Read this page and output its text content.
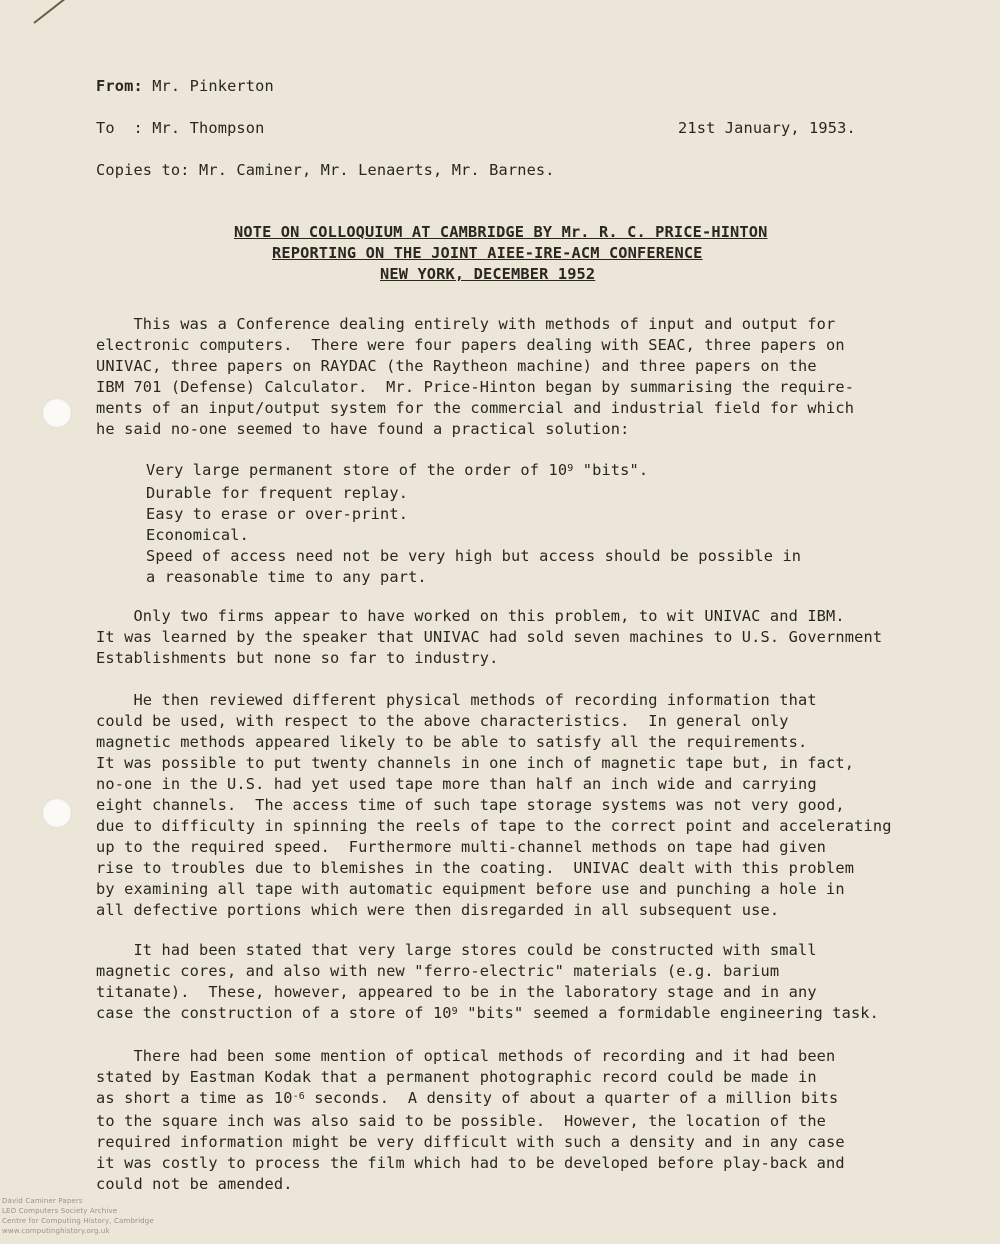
From: Mr. Pinkerton
To  : Mr. Thompson	21st January, 1953.
Copies to: Mr. Caminer, Mr. Lenaerts, Mr. Barnes.
NOTE ON COLLOQUIUM AT CAMBRIDGE BY Mr. R. C. PRICE-HINTON
REPORTING ON THE JOINT AIEE-IRE-ACM CONFERENCE
NEW YORK, DECEMBER 1952
This was a Conference dealing entirely with methods of input and output for
electronic computers.  There were four papers dealing with SEAC, three papers on
UNIVAC, three papers on RAYDAC (the Raytheon machine) and three papers on the
IBM 701 (Defense) Calculator.  Mr. Price-Hinton began by summarising the require-
ments of an input/output system for the commercial and industrial field for which
he said no-one seemed to have found a practical solution:
Very large permanent store of the order of $10^9$ "bits".
Durable for frequent replay.
Easy to erase or over-print.
Economical.
Speed of access need not be very high but access should be possible in
a reasonable time to any part.
Only two firms appear to have worked on this problem, to wit UNIVAC and IBM.
It was learned by the speaker that UNIVAC had sold seven machines to U.S. Government
Establishments but none so far to industry.
He then reviewed different physical methods of recording information that
could be used, with respect to the above characteristics.  In general only
magnetic methods appeared likely to be able to satisfy all the requirements.
It was possible to put twenty channels in one inch of magnetic tape but, in fact,
no-one in the U.S. had yet used tape more than half an inch wide and carrying
eight channels.  The access time of such tape storage systems was not very good,
due to difficulty in spinning the reels of tape to the correct point and accelerating
up to the required speed.  Furthermore multi-channel methods on tape had given
rise to troubles due to blemishes in the coating.  UNIVAC dealt with this problem
by examining all tape with automatic equipment before use and punching a hole in
all defective portions which were then disregarded in all subsequent use.
It had been stated that very large stores could be constructed with small
magnetic cores, and also with new "ferro-electric" materials (e.g. barium
titanate).  These, however, appeared to be in the laboratory stage and in any
case the construction of a store of $10^9$ "bits" seemed a formidable engineering task.
There had been some mention of optical methods of recording and it had been
stated by Eastman Kodak that a permanent photographic record could be made in
as short a time as $10^{-6}$ seconds.  A density of about a quarter of a million bits
to the square inch was also said to be possible.  However, the location of the
required information might be very difficult with such a density and in any case
it was costly to process the film which had to be developed before play-back and
could not be amended.
David Caminer Papers
LEO Computers Society Archive
Centre for Computing History, Cambridge
www.computinghistory.org.uk
